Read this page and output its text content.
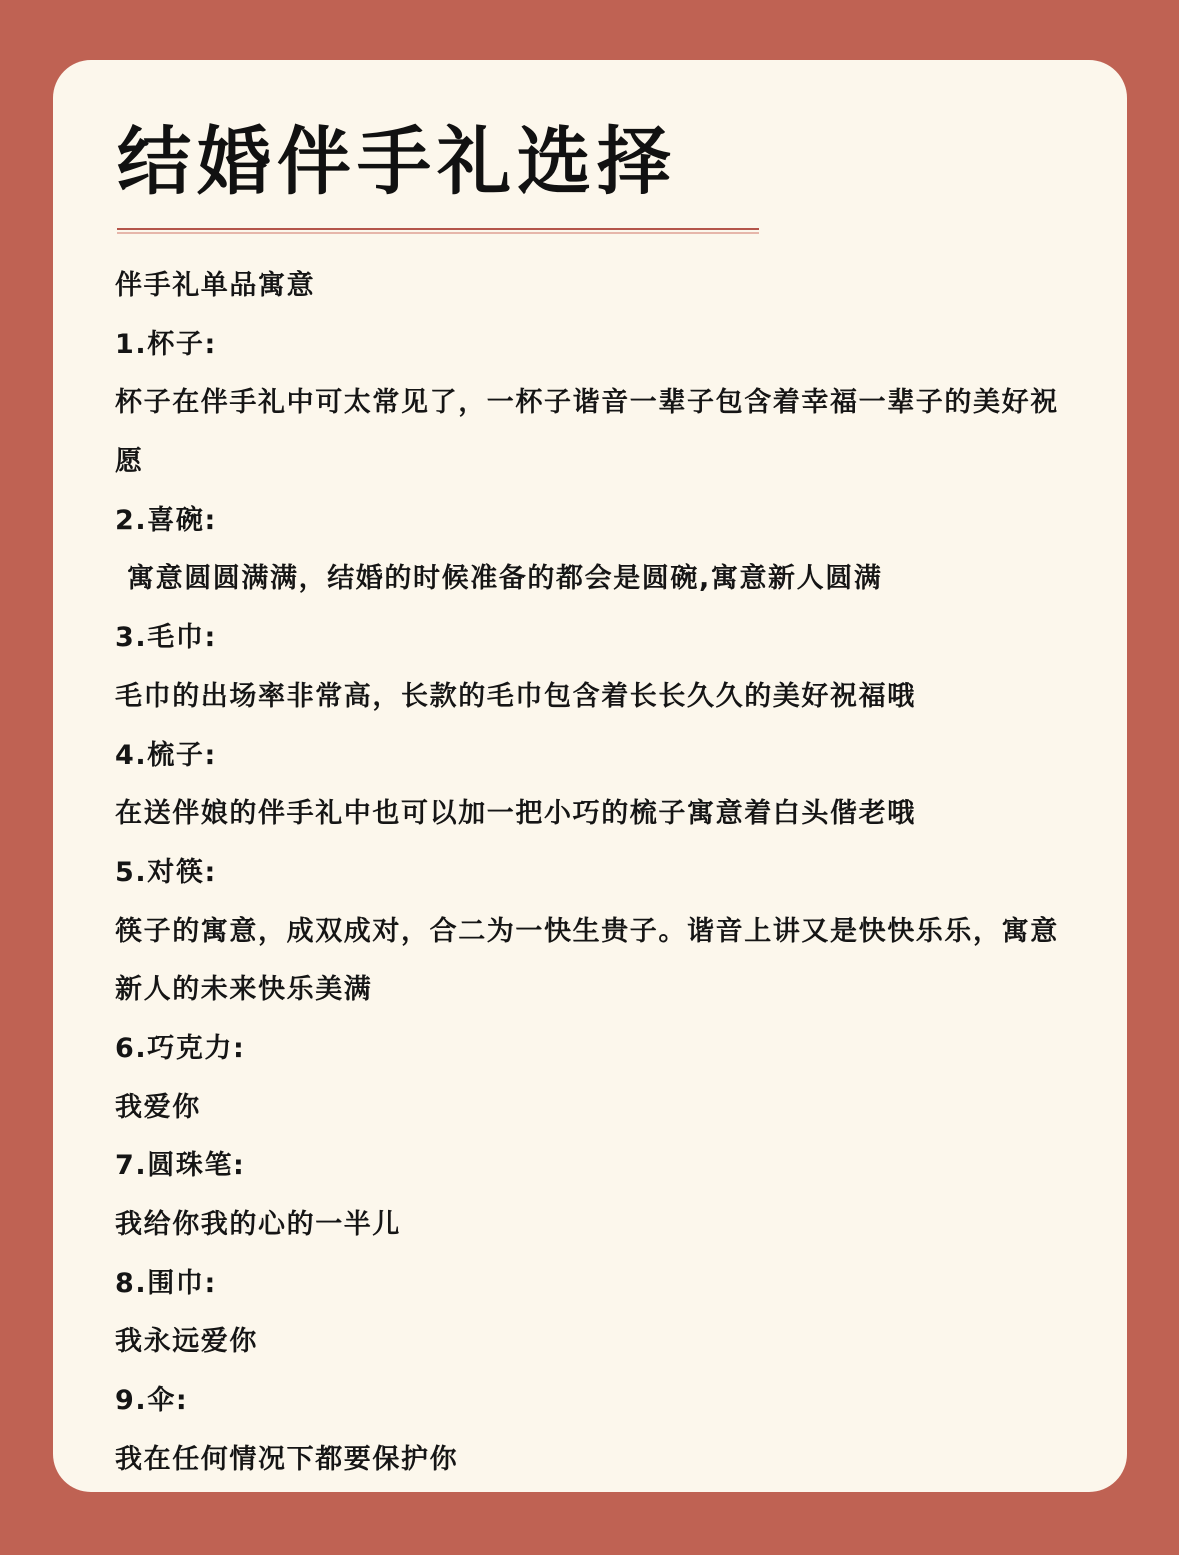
结婚伴手礼选择
伴手礼单品寓意
1.杯子:
杯子在伴手礼中可太常见了，一杯子谐音一辈子包含着幸福一辈子的美好祝愿
2.喜碗:
寓意圆圆满满，结婚的时候准备的都会是圆碗,寓意新人圆满
3.毛巾:
毛巾的出场率非常高，长款的毛巾包含着长长久久的美好祝福哦
4.梳子:
在送伴娘的伴手礼中也可以加一把小巧的梳子寓意着白头偕老哦
5.对筷:
筷子的寓意，成双成对，合二为一快生贵子。谐音上讲又是快快乐乐，寓意新人的未来快乐美满
6.巧克力:
我爱你
7.圆珠笔:
我给你我的心的一半儿
8.围巾:
我永远爱你
9.伞:
我在任何情况下都要保护你
